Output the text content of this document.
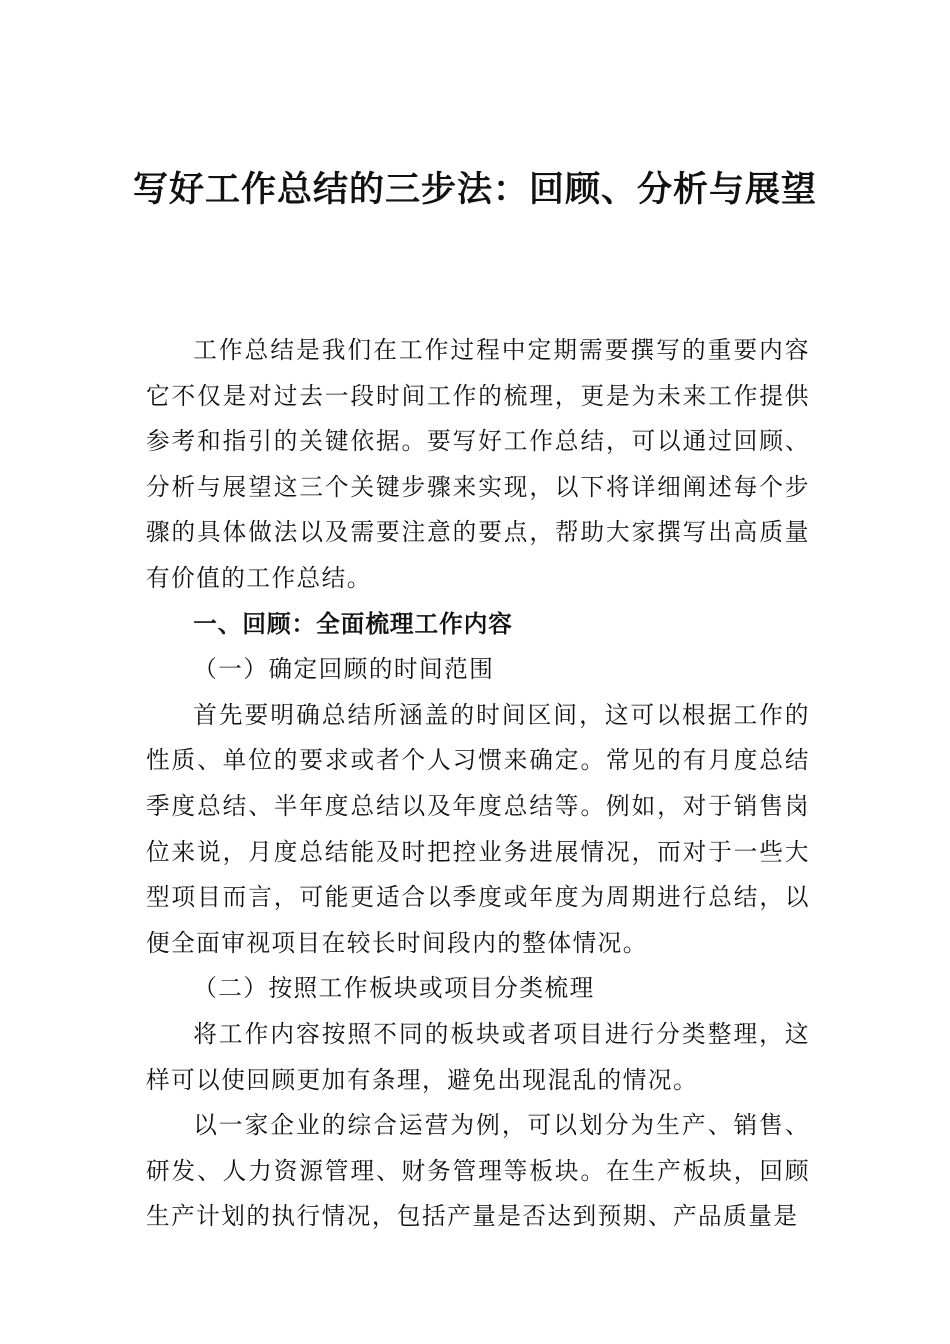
写好工作总结的三步法：回顾、分析与展望

工作总结是我们在工作过程中定期需要撰写的重要内容它不仅是对过去一段时间工作的梳理，更是为未来工作提供参考和指引的关键依据。要写好工作总结，可以通过回顾、分析与展望这三个关键步骤来实现，以下将详细阐述每个步骤的具体做法以及需要注意的要点，帮助大家撰写出高质量有价值的工作总结。

一、回顾：全面梳理工作内容
（一）确定回顾的时间范围

首先要明确总结所涵盖的时间区间，这可以根据工作的性质、单位的要求或者个人习惯来确定。常见的有月度总结季度总结、半年度总结以及年度总结等。例如，对于销售岗位来说，月度总结能及时把控业务进展情况，而对于一些大型项目而言，可能更适合以季度或年度为周期进行总结，以便全面审视项目在较长时间段内的整体情况。

（二）按照工作板块或项目分类梳理

将工作内容按照不同的板块或者项目进行分类整理，这样可以使回顾更加有条理，避免出现混乱的情况。

以一家企业的综合运营为例，可以划分为生产、销售、研发、人力资源管理、财务管理等板块。在生产板块，回顾生产计划的执行情况，包括产量是否达到预期、产品质量是
